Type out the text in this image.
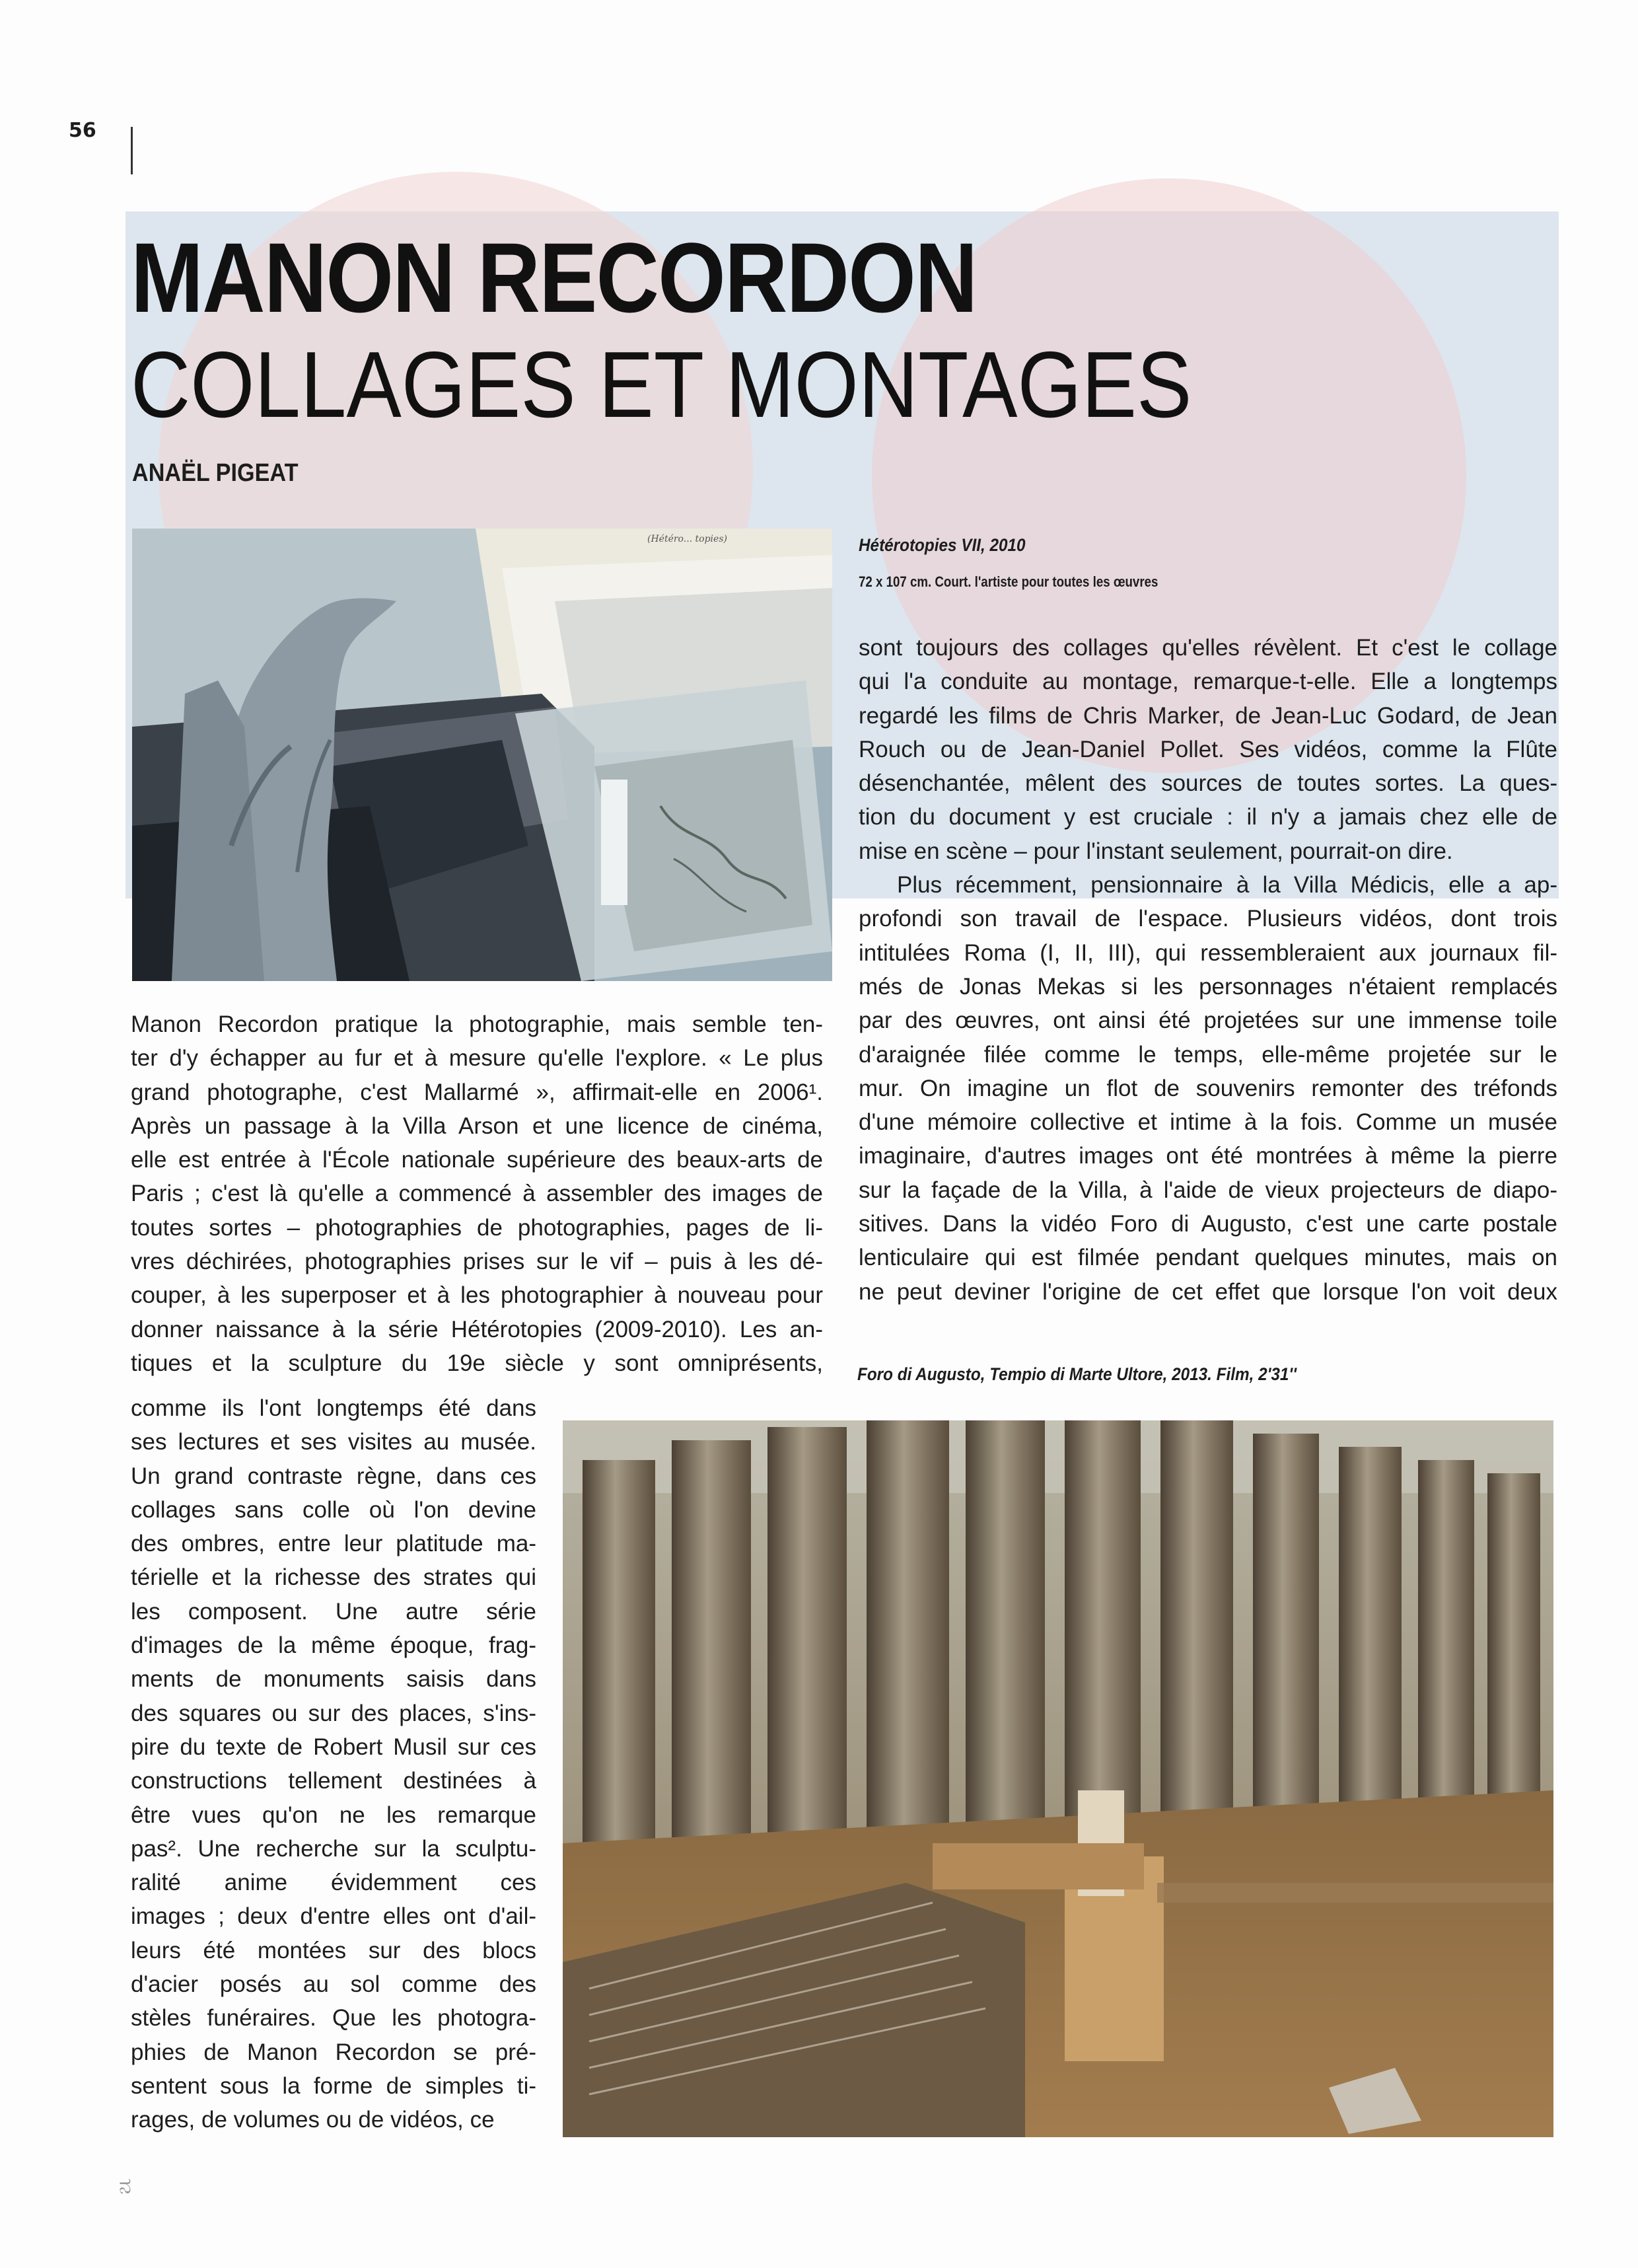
56
MANON RECORDON
COLLAGES ET MONTAGES
ANAËL PIGEAT
(Hétéro... topies)	Hétérotopies VII, 2010
72 x 107 cm. Court. l'artiste pour toutes les œuvres

sont toujours des collages qu'elles révèlent. Et c'est le collage
qui l'a conduite au montage, remarque-t-elle. Elle a longtemps
regardé les films de Chris Marker, de Jean-Luc Godard, de Jean
Rouch ou de Jean-Daniel Pollet. Ses vidéos, comme la Flûte
désenchantée, mêlent des sources de toutes sortes. La ques-
tion du document y est cruciale : il n'y a jamais chez elle de
mise en scène – pour l'instant seulement, pourrait-on dire.

Plus récemment, pensionnaire à la Villa Médicis, elle a ap-
profondi son travail de l'espace. Plusieurs vidéos, dont trois
intitulées Roma (I, II, III), qui ressembleraient aux journaux fil-
més de Jonas Mekas si les personnages n'étaient remplacés
par des œuvres, ont ainsi été projetées sur une immense toile
d'araignée filée comme le temps, elle-même projetée sur le
mur. On imagine un flot de souvenirs remonter des tréfonds
d'une mémoire collective et intime à la fois. Comme un musée
imaginaire, d'autres images ont été montrées à même la pierre
sur la façade de la Villa, à l'aide de vieux projecteurs de diapo-
sitives. Dans la vidéo Foro di Augusto, c'est une carte postale
lenticulaire qui est filmée pendant quelques minutes, mais on
ne peut deviner l'origine de cet effet que lorsque l'on voit deux

Manon Recordon pratique la photographie, mais semble ten-
ter d'y échapper au fur et à mesure qu'elle l'explore. « Le plus
grand photographe, c'est Mallarmé », affirmait-elle en 2006¹.
Après un passage à la Villa Arson et une licence de cinéma,
elle est entrée à l'École nationale supérieure des beaux-arts de
Paris ; c'est là qu'elle a commencé à assembler des images de
toutes sortes – photographies de photographies, pages de li-
vres déchirées, photographies prises sur le vif – puis à les dé-
couper, à les superposer et à les photographier à nouveau pour
donner naissance à la série Hétérotopies (2009-2010). Les an-
tiques et la sculpture du 19e siècle y sont omniprésents,

comme ils l'ont longtemps été dans
ses lectures et ses visites au musée.
Un grand contraste règne, dans ces
collages sans colle où l'on devine
des ombres, entre leur platitude ma-
térielle et la richesse des strates qui
les composent. Une autre série
d'images de la même époque, frag-
ments de monuments saisis dans
des squares ou sur des places, s'ins-
pire du texte de Robert Musil sur ces
constructions tellement destinées à
être vues qu'on ne les remarque
pas². Une recherche sur la sculptu-
ralité anime évidemment ces
images ; deux d'entre elles ont d'ail-
leurs été montées sur des blocs
d'acier posés au sol comme des
stèles funéraires. Que les photogra-
phies de Manon Recordon se pré-
sentent sous la forme de simples ti-
rages, de volumes ou de vidéos, ce

Foro di Augusto, Tempio di Marte Ultore, 2013. Film, 2'31''
ನ
